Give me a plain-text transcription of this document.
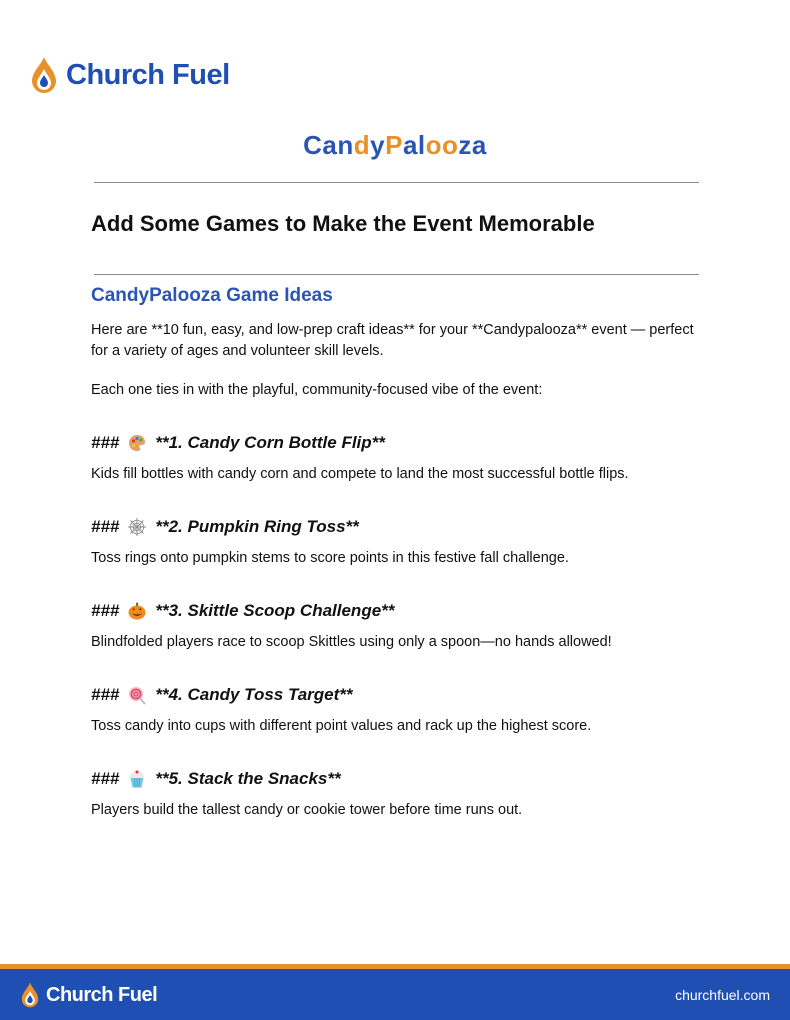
Church Fuel
CandyPalooza
Add Some Games to Make the Event Memorable
CandyPalooza Game Ideas
Here are **10 fun, easy, and low-prep craft ideas** for your **Candypalooza** event — perfect for a variety of ages and volunteer skill levels.
Each one ties in with the playful, community-focused vibe of the event:
### **1. Candy Corn Bottle Flip**
Kids fill bottles with candy corn and compete to land the most successful bottle flips.
### **2. Pumpkin Ring Toss**
Toss rings onto pumpkin stems to score points in this festive fall challenge.
### **3. Skittle Scoop Challenge**
Blindfolded players race to scoop Skittles using only a spoon—no hands allowed!
### **4. Candy Toss Target**
Toss candy into cups with different point values and rack up the highest score.
### **5. Stack the Snacks**
Players build the tallest candy or cookie tower before time runs out.
Church Fuel	churchfuel.com
